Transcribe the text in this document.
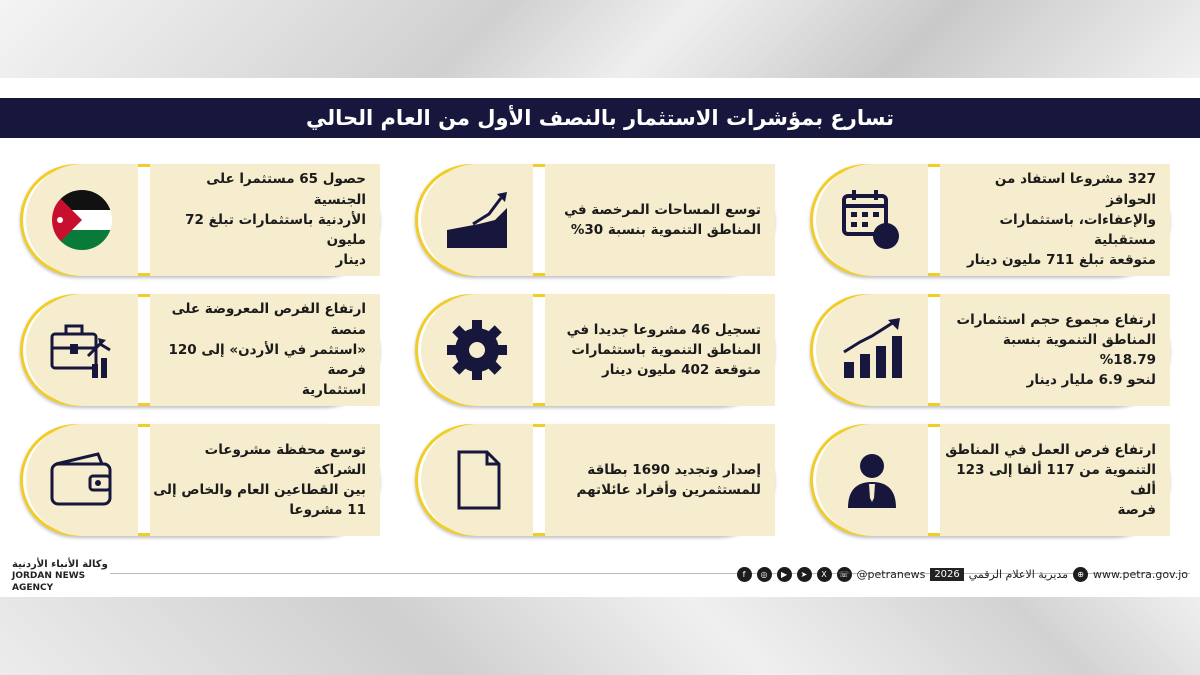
تسارع بمؤشرات الاستثمار بالنصف الأول من العام الحالي
327 مشروعا استفاد من الحوافز
والإعفاءات، باستثمارات مستقبلية
متوقعة تبلغ 711 مليون دينار
توسع المساحات المرخصة في
المناطق التنموية بنسبة 30%
حصول 65 مستثمرا على الجنسية
الأردنية باستثمارات تبلغ 72 مليون
دينار
ارتفاع مجموع حجم استثمارات
المناطق التنموية بنسبة 18.79%
لنحو 6.9 مليار دينار
تسجيل 46 مشروعا جديدا في
المناطق التنموية باستثمارات
متوقعة 402 مليون دينار
ارتفاع الفرص المعروضة على منصة
«استثمر في الأردن» إلى 120 فرصة
استثمارية
ارتفاع فرص العمل في المناطق
التنموية من 117 ألفا إلى 123 ألف
فرصة
إصدار وتجديد 1690 بطاقة
للمستثمرين وأفراد عائلاتهم
توسع محفظة مشروعات الشراكة
بين القطاعين العام والخاص إلى
11 مشروعا
وكالة الأنباء الأردنية
JORDAN NEWS AGENCY
f	◎	▶	➤	X	☏ @petranews 2026 مديرية الاعلام الرقمي	⊕ www.petra.gov.jo
